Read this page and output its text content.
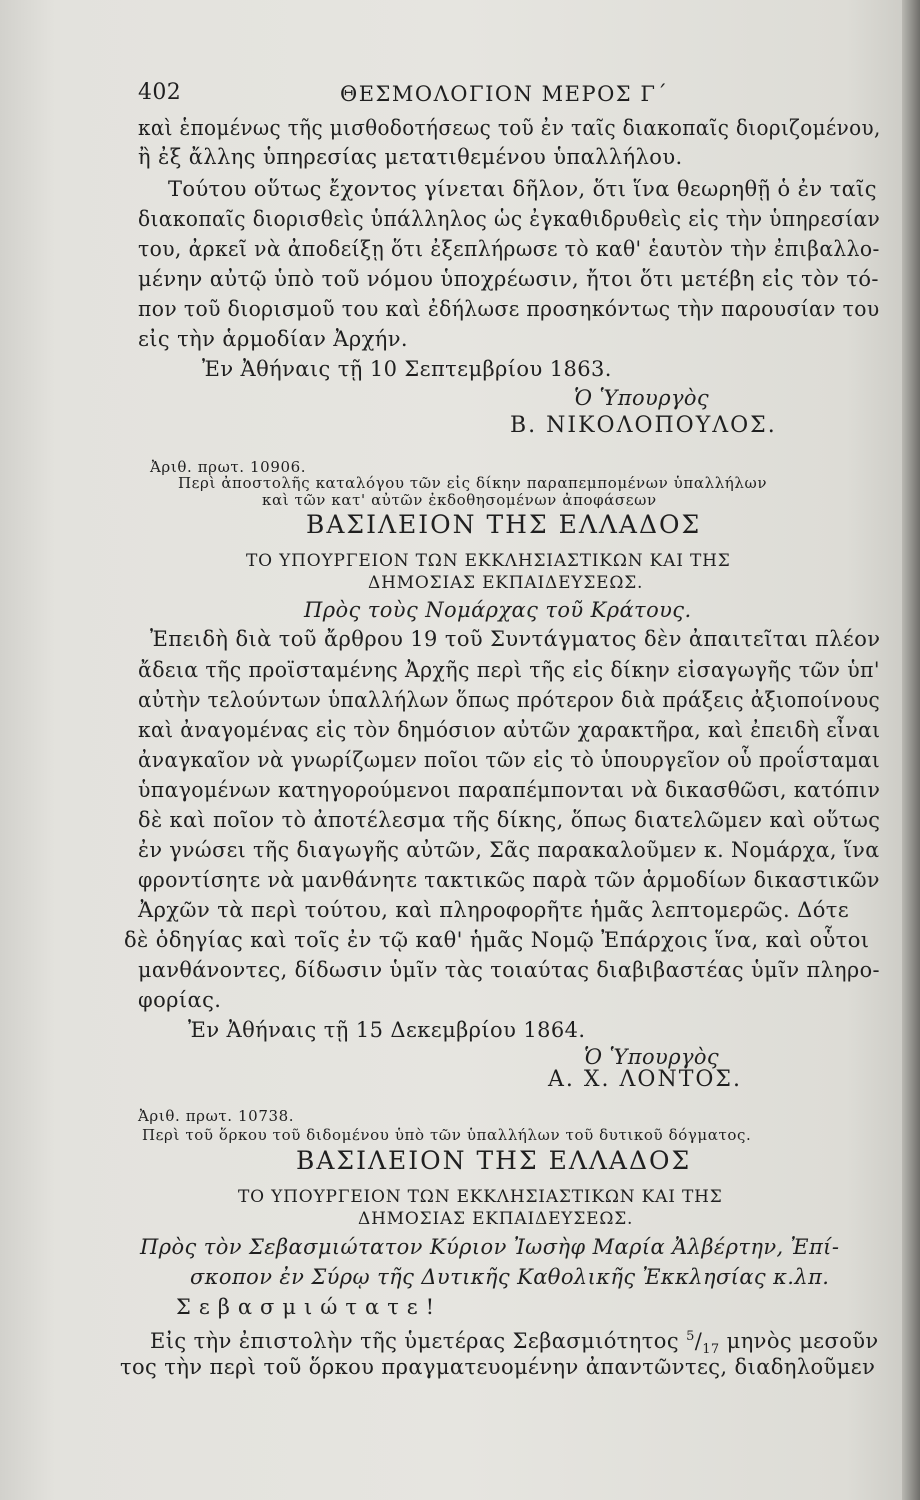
402	ΘΕΣΜΟΛΟΓΙΟΝ ΜΕΡΟΣ Γ΄
καὶ ἑπομένως τῆς μισθοδοτήσεως τοῦ ἐν ταῖς διακοπαῖς διοριζομένου,
ἢ ἐξ ἄλλης ὑπηρεσίας μετατιθεμένου ὑπαλλήλου.
Τούτου οὕτως ἔχοντος γίνεται δῆλον, ὅτι ἵνα θεωρηθῇ ὁ ἐν ταῖς
διακοπαῖς διορισθεὶς ὑπάλληλος ὡς ἐγκαθιδρυθεὶς εἰς τὴν ὑπηρεσίαν
του, ἀρκεῖ νὰ ἀποδείξῃ ὅτι ἐξεπλήρωσε τὸ καθ' ἑαυτὸν τὴν ἐπιβαλλο-
μένην αὐτῷ ὑπὸ τοῦ νόμου ὑποχρέωσιν, ἤτοι ὅτι μετέβη εἰς τὸν τό-
πον τοῦ διορισμοῦ του καὶ ἐδήλωσε προσηκόντως τὴν παρουσίαν του
εἰς τὴν ἁρμοδίαν Ἀρχήν.
Ἐν Ἀθήναις τῇ 10 Σεπτεμβρίου 1863.
Ὁ Ὑπουργὸς
Β. ΝΙΚΟΛΟΠΟΥΛΟΣ.
Ἀριθ. πρωτ. 10906.
Περὶ ἀποστολῆς καταλόγου τῶν εἰς δίκην παραπεμπομένων ὑπαλλήλων
καὶ τῶν κατ' αὐτῶν ἐκδοθησομένων ἀποφάσεων
ΒΑΣΙΛΕΙΟΝ ΤΗΣ ΕΛΛΑΔΟΣ
ΤΟ ΥΠΟΥΡΓΕΙΟΝ ΤΩΝ ΕΚΚΛΗΣΙΑΣΤΙΚΩΝ ΚΑΙ ΤΗΣ
ΔΗΜΟΣΙΑΣ ΕΚΠΑΙΔΕΥΣΕΩΣ.
Πρὸς τοὺς Νομάρχας τοῦ Κράτους.
Ἐπειδὴ διὰ τοῦ ἄρθρου 19 τοῦ Συντάγματος δὲν ἀπαιτεῖται πλέον
ἄδεια τῆς προϊσταμένης Ἀρχῆς περὶ τῆς εἰς δίκην εἰσαγωγῆς τῶν ὑπ'
αὐτὴν τελούντων ὑπαλλήλων ὅπως πρότερον διὰ πράξεις ἀξιοποίνους
καὶ ἀναγομένας εἰς τὸν δημόσιον αὐτῶν χαρακτῆρα, καὶ ἐπειδὴ εἶναι
ἀναγκαῖον νὰ γνωρίζωμεν ποῖοι τῶν εἰς τὸ ὑπουργεῖον οὗ προΐσταμαι
ὑπαγομένων κατηγορούμενοι παραπέμπονται νὰ δικασθῶσι, κατόπιν
δὲ καὶ ποῖον τὸ ἀποτέλεσμα τῆς δίκης, ὅπως διατελῶμεν καὶ οὕτως
ἐν γνώσει τῆς διαγωγῆς αὐτῶν, Σᾶς παρακαλοῦμεν κ. Νομάρχα, ἵνα
φροντίσητε νὰ μανθάνητε τακτικῶς παρὰ τῶν ἁρμοδίων δικαστικῶν
Ἀρχῶν τὰ περὶ τούτου, καὶ πληροφορῆτε ἡμᾶς λεπτομερῶς. Δότε
δὲ ὁδηγίας καὶ τοῖς ἐν τῷ καθ' ἡμᾶς Νομῷ Ἐπάρχοις ἵνα, καὶ οὗτοι
μανθάνοντες, δίδωσιν ὑμῖν τὰς τοιαύτας διαβιβαστέας ὑμῖν πληρο-
φορίας.
Ἐν Ἀθήναις τῇ 15 Δεκεμβρίου 1864.
Ὁ Ὑπουργὸς
Α. Χ. ΛΟΝΤΟΣ.
Ἀριθ. πρωτ. 10738.
Περὶ τοῦ ὅρκου τοῦ διδομένου ὑπὸ τῶν ὑπαλλήλων τοῦ δυτικοῦ δόγματος.
ΒΑΣΙΛΕΙΟΝ ΤΗΣ ΕΛΛΑΔΟΣ
ΤΟ ΥΠΟΥΡΓΕΙΟΝ ΤΩΝ ΕΚΚΛΗΣΙΑΣΤΙΚΩΝ ΚΑΙ ΤΗΣ
ΔΗΜΟΣΙΑΣ ΕΚΠΑΙΔΕΥΣΕΩΣ.
Πρὸς τὸν Σεβασμιώτατον Κύριον Ἰωσὴφ Μαρία Ἀλβέρτην, Ἐπί-
σκοπον ἐν Σύρῳ τῆς Δυτικῆς Καθολικῆς Ἐκκλησίας κ.λπ.
Σεβασμιώτατε!
Εἰς τὴν ἐπιστολὴν τῆς ὑμετέρας Σεβασμιότητος $^5/_{17}$ μηνὸς μεσοῦν
τος τὴν περὶ τοῦ ὅρκου πραγματευομένην ἀπαντῶντες, διαδηλοῦμεν
